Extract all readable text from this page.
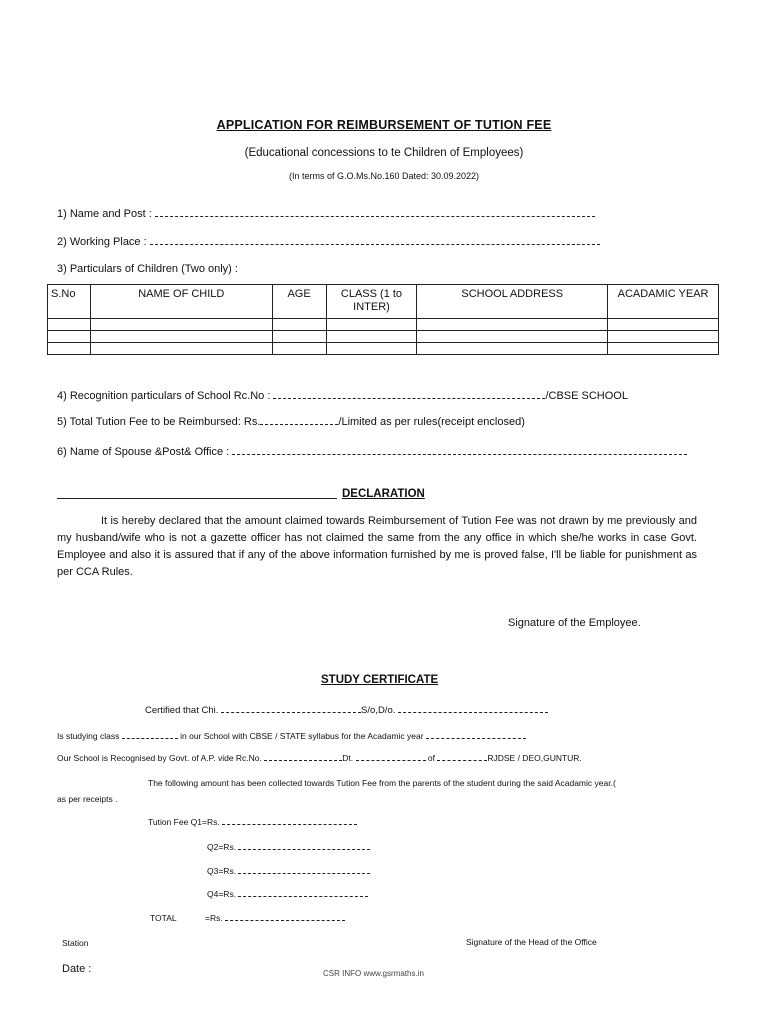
APPLICATION FOR REIMBURSEMENT OF TUTION FEE
(Educational concessions to te Children of Employees)
(In terms of G.O.Ms.No.160 Dated: 30.09.2022)
1) Name and Post :
2) Working Place :
3) Particulars of Children (Two only) :
S.No	NAME OF CHILD	AGE	CLASS (1 to INTER)	SCHOOL ADDRESS	ACADAMIC YEAR

4) Recognition particulars of School Rc.No :	/CBSE SCHOOL
5) Total Tution Fee to be Reimbursed: Rs.	/Limited as per rules(receipt enclosed)
6) Name of Spouse &Post& Office :
DECLARATION
It is hereby declared that the amount claimed towards Reimbursement of Tution Fee was not drawn by me previously and my husband/wife who is not a gazette officer has not claimed the same from the any office in which she/he works in case Govt. Employee and also it is assured that if any of the above information furnished by me is proved false, I'll be liable for punishment as per CCA Rules.
Signature of the Employee.
STUDY CERTIFICATE
Certified that Chi.	S/o,D/o.
Is studying class	in our School with CBSE / STATE syllabus for the Acadamic year
Our School is Recognised by Govt. of A.P. vide Rc.No.	Dt.	of	RJDSE / DEO,GUNTUR.
The following amount has been collected towards Tution Fee from the parents of the student during the said Acadamic year.(
as per receipts .
Tution Fee Q1=Rs.
Q2=Rs.
Q3=Rs.
Q4=Rs.
TOTAL	=Rs.
Station	Signature of the Head of the Office
Date :	CSR INFO www.gsrmaths.in
